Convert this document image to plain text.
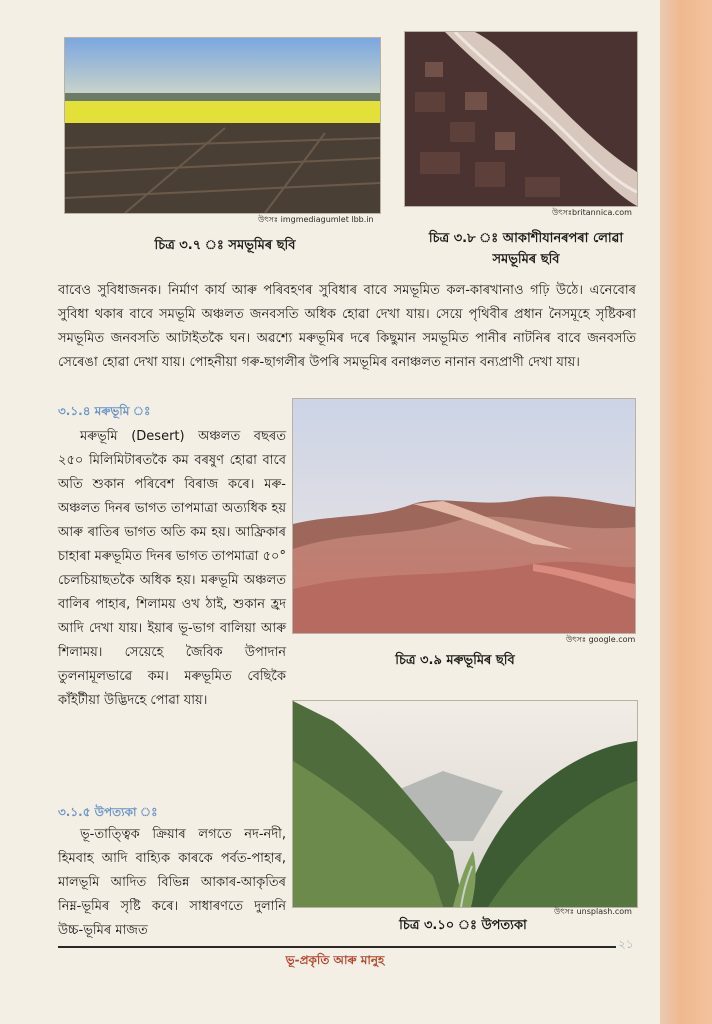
উৎসঃ imgmediagumlet lbb.in
চিত্ৰ ৩.৭ ঃ সমভূমিৰ ছবি
উৎসঃbritannica.com
চিত্ৰ ৩.৮ ঃ আকাশীযানৰপৰা লোৱা
সমভূমিৰ ছবি

বাবেও সুবিধাজনক। নিৰ্মাণ কাৰ্য আৰু পৰিবহণৰ সুবিধাৰ বাবে সমভূমিত কল-কাৰখানাও গঢ়ি উঠে। এনেবোৰ সুবিধা থকাৰ বাবে সমভূমি অঞ্চলত জনবসতি অধিক হোৱা দেখা যায়। সেয়ে পৃথিবীৰ প্ৰধান নৈসমূহে সৃষ্টিকৰা সমভূমিত জনবসতি আটাইতকৈ ঘন। অৱশ্যে মৰুভূমিৰ দৰে কিছুমান সমভূমিত পানীৰ নাটনিৰ বাবে জনবসতি সেৰেঙা হোৱা দেখা যায়। পোহনীয়া গৰু-ছাগলীৰ উপৰি সমভূমিৰ বনাঞ্চলত নানান বন্যপ্ৰাণী দেখা যায়।

৩.১.৪ মৰুভূমি ঃ

মৰুভূমি (Desert) অঞ্চলত বছৰত ২৫০ মিলিমিটাৰতকৈ কম বৰষুণ হোৱা বাবে অতি শুকান পৰিবেশ বিৰাজ কৰে। মৰু-অঞ্চলত দিনৰ ভাগত তাপমাত্ৰা অত্যধিক হয় আৰু ৰাতিৰ ভাগত অতি কম হয়। আফ্ৰিকাৰ চাহাৰা মৰুভূমিত দিনৰ ভাগত তাপমাত্ৰা ৫০° চেলচিয়াছতকৈ অধিক হয়। মৰুভূমি অঞ্চলত বালিৰ পাহাৰ, শিলাময় ওখ ঠাই, শুকান হ্ৰদ আদি দেখা যায়। ইয়াৰ ভূ-ভাগ বালিয়া আৰু শিলাময়। সেয়েহে জৈবিক উপাদান তুলনামূলভাৱে কম। মৰুভূমিত বেছিকৈ কাঁইটীয়া উদ্ভিদহে পোৱা যায়।

উৎসঃ google.com
চিত্ৰ ৩.৯ মৰুভূমিৰ ছবি
৩.১.৫ উপত্যকা ঃ

ভূ-তাত্ত্বিক ক্ৰিয়াৰ লগতে নদ-নদী, হিমবাহ আদি বাহ্যিক কাৰকে পৰ্বত-পাহাৰ, মালভূমি আদিত বিভিন্ন আকাৰ-আকৃতিৰ নিম্ন-ভূমিৰ সৃষ্টি কৰে। সাধাৰণতে দুলানি উচ্চ-ভূমিৰ মাজত

উৎসঃ unsplash.com
চিত্ৰ ৩.১০ ঃ উপত্যকা
ভূ-প্ৰকৃতি আৰু মানুহ
২১
